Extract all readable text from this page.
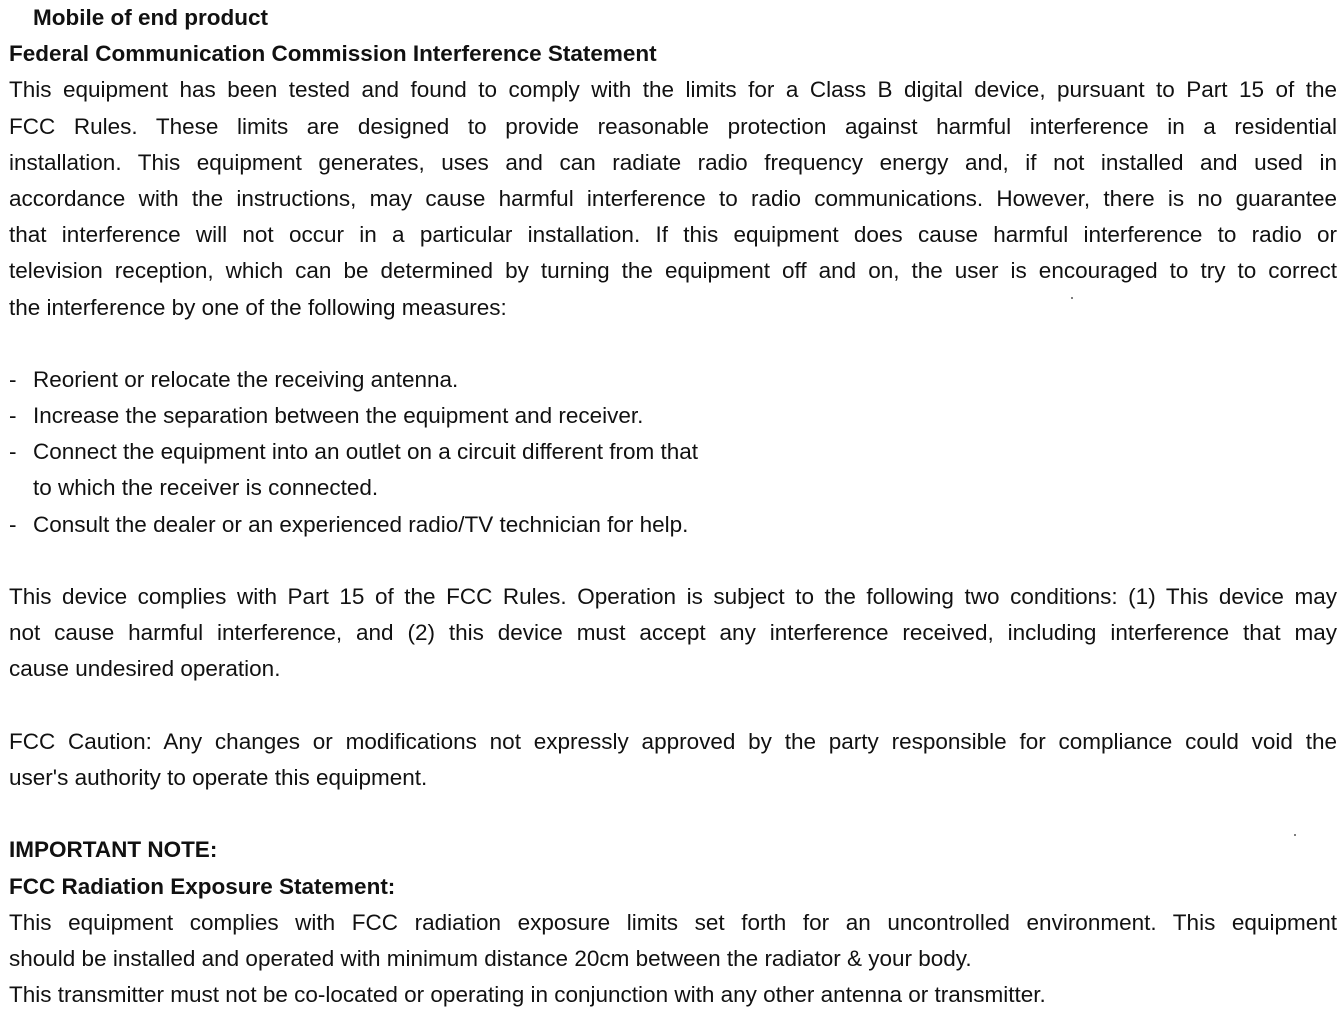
Mobile of end product
Federal Communication Commission Interference Statement
This equipment has been tested and found to comply with the limits for a Class B digital device, pursuant to Part 15 of the
FCC Rules. These limits are designed to provide reasonable protection against harmful interference in a residential
installation. This equipment generates, uses and can radiate radio frequency energy and, if not installed and used in
accordance with the instructions, may cause harmful interference to radio communications. However, there is no guarantee
that interference will not occur in a particular installation. If this equipment does cause harmful interference to radio or
television reception, which can be determined by turning the equipment off and on, the user is encouraged to try to correct
the interference by one of the following measures:
- Reorient or relocate the receiving antenna.
- Increase the separation between the equipment and receiver.
- Connect the equipment into an outlet on a circuit different from that
to which the receiver is connected.
- Consult the dealer or an experienced radio/TV technician for help.
This device complies with Part 15 of the FCC Rules. Operation is subject to the following two conditions: (1) This device may
not cause harmful interference, and (2) this device must accept any interference received, including interference that may
cause undesired operation.
FCC Caution: Any changes or modifications not expressly approved by the party responsible for compliance could void the
user's authority to operate this equipment.
IMPORTANT NOTE:
FCC Radiation Exposure Statement:
This equipment complies with FCC radiation exposure limits set forth for an uncontrolled environment. This equipment
should be installed and operated with minimum distance 20cm between the radiator & your body.
This transmitter must not be co-located or operating in conjunction with any other antenna or transmitter.
